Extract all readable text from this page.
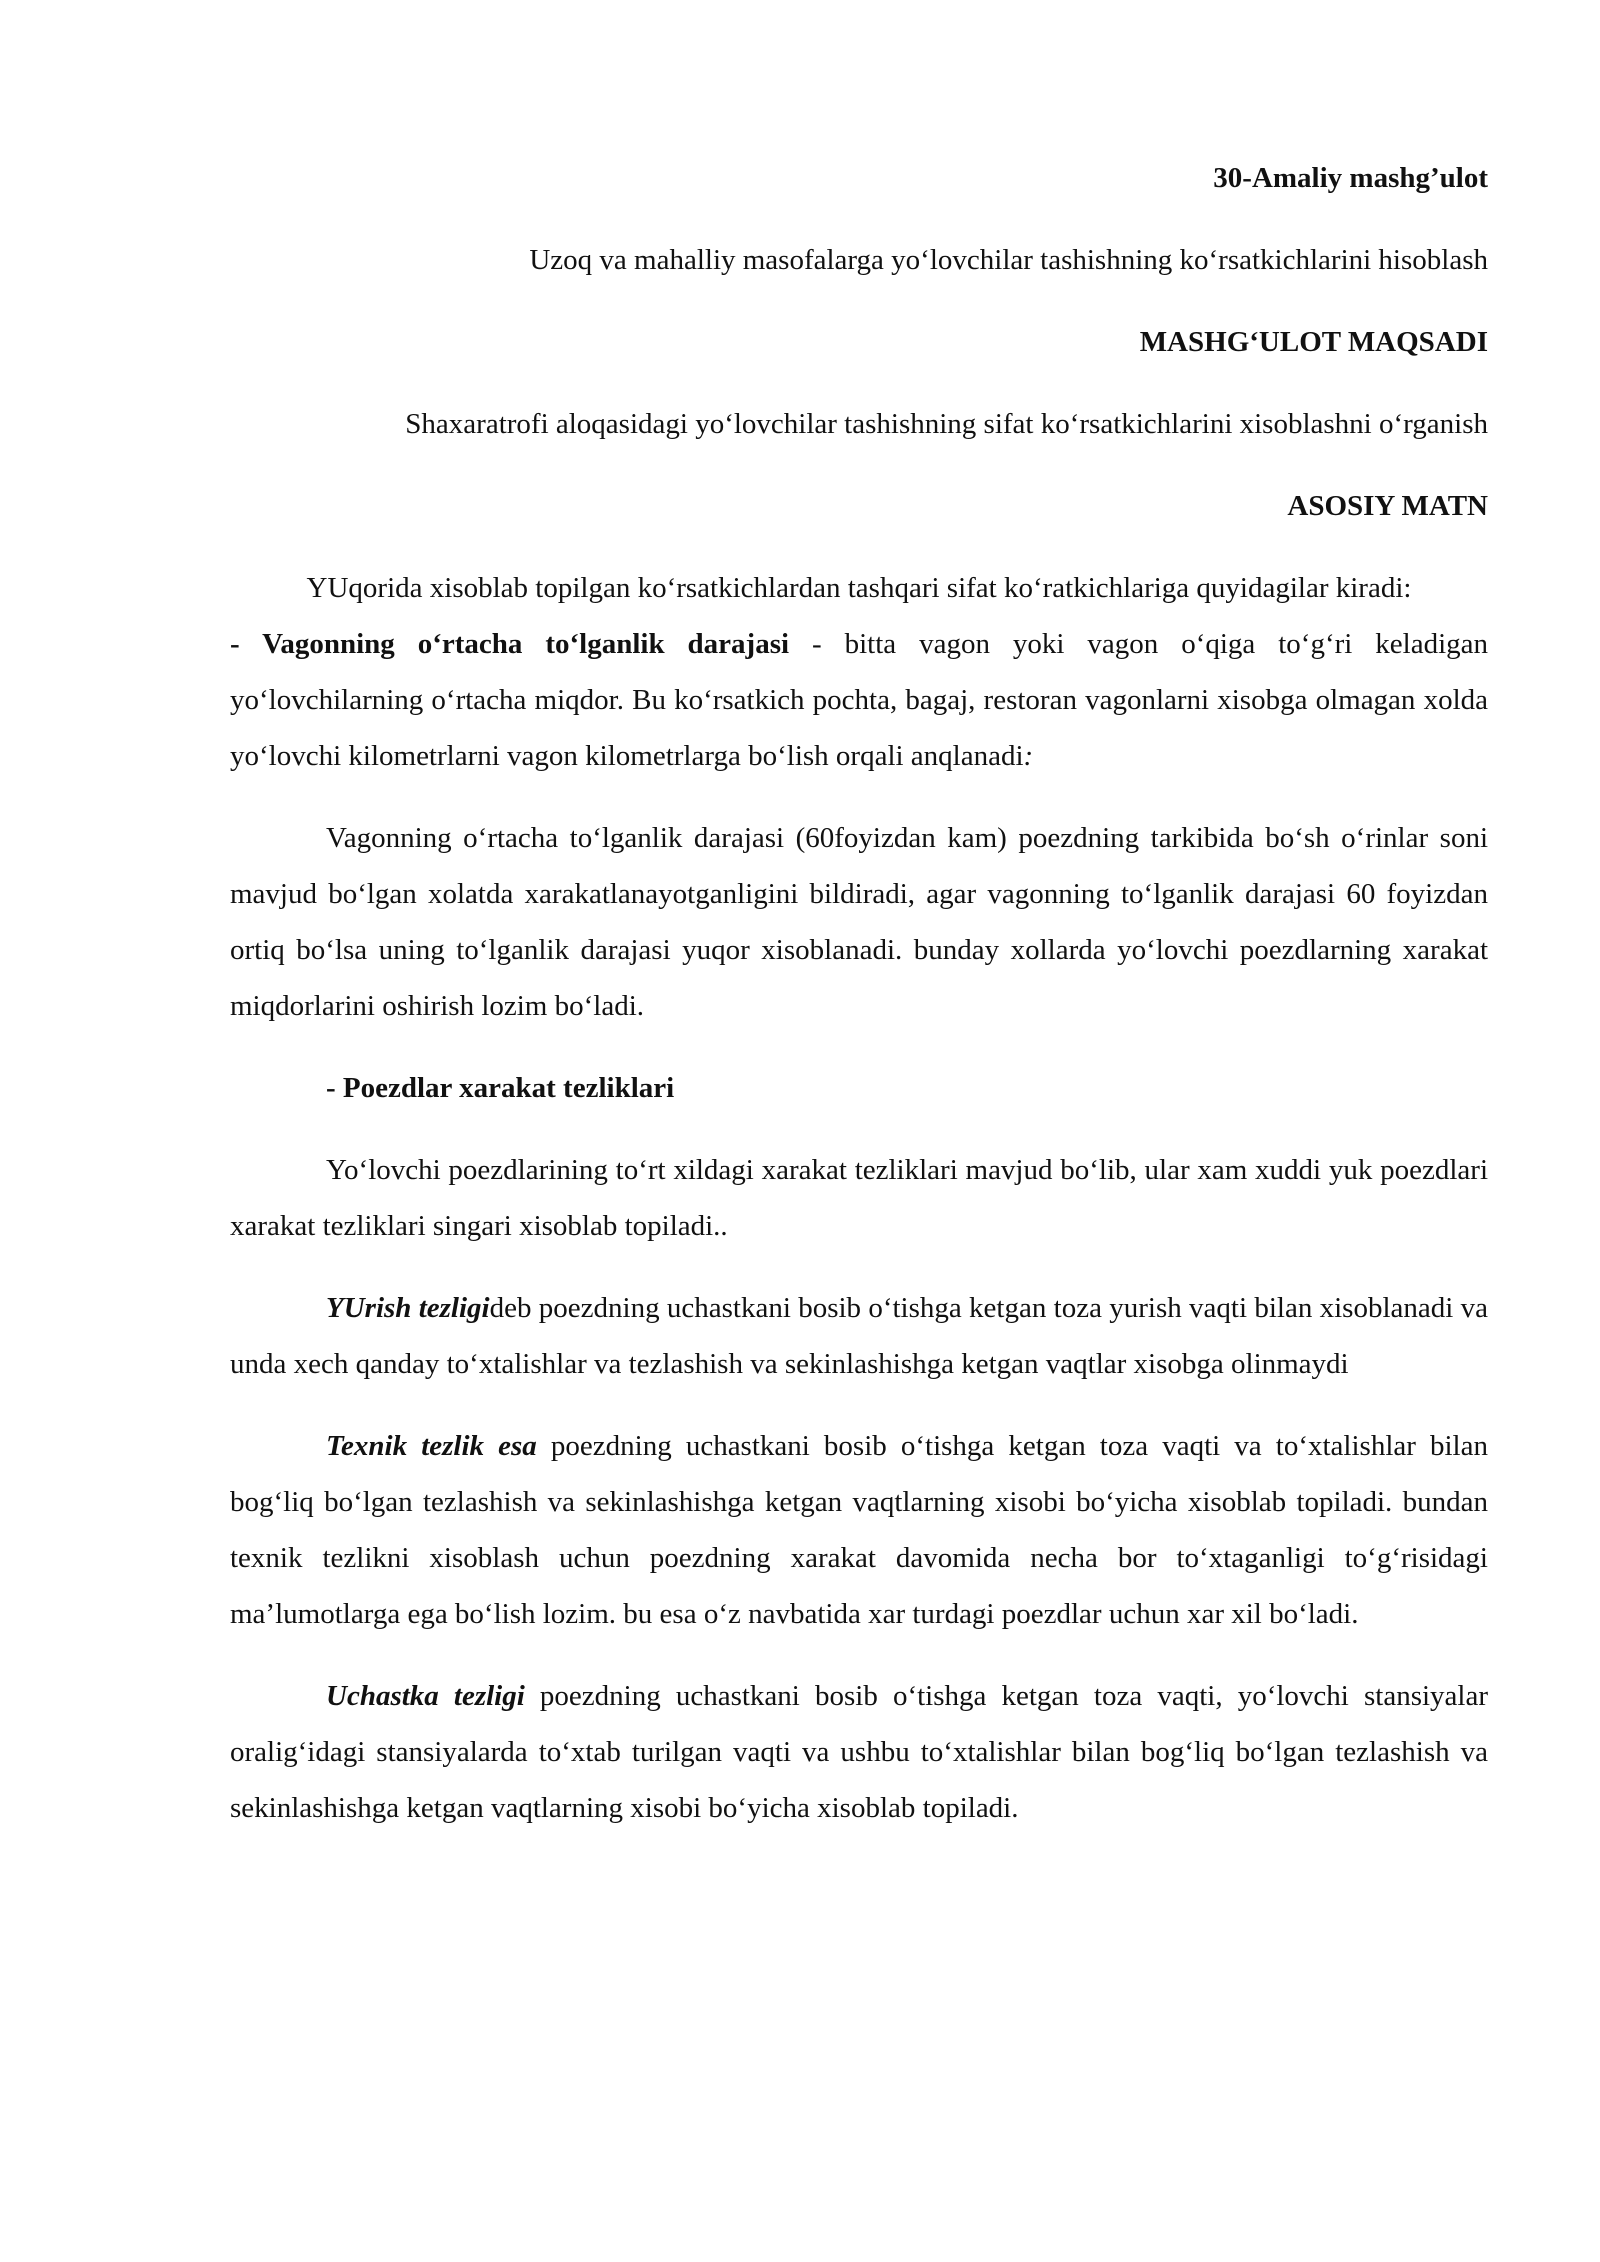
30-Amaliy mashg’ulot

Uzoq va mahalliy masofalarga yo‘lovchilar tashishning ko‘rsatkichlarini hisoblash

MASHG‘ULOT MAQSADI

Shaxaratrofi aloqasidagi yo‘lovchilar tashishning sifat ko‘rsatkichlarini xisoblashni o‘rganish

ASOSIY MATN

YUqorida xisoblab topilgan ko‘rsatkichlardan tashqari sifat ko‘ratkichlariga quyidagilar kiradi:

- Vagonning o‘rtacha to‘lganlik darajasi - bitta vagon yoki vagon o‘qiga to‘g‘ri keladigan yo‘lovchilarning o‘rtacha miqdor. Bu ko‘rsatkich pochta, bagaj, restoran vagonlarni xisobga olmagan xolda yo‘lovchi kilometrlarni vagon kilometrlarga bo‘lish orqali anqlanadi:

Vagonning o‘rtacha to‘lganlik darajasi (60foyizdan kam) poezdning tarkibida bo‘sh o‘rinlar soni mavjud bo‘lgan xolatda xarakatlanayotganligini bildiradi, agar vagonning to‘lganlik darajasi 60 foyizdan ortiq bo‘lsa uning to‘lganlik darajasi yuqor xisoblanadi. bunday xollarda yo‘lovchi poezdlarning xarakat miqdorlarini oshirish lozim bo‘ladi.

- Poezdlar xarakat tezliklari

Yo‘lovchi poezdlarining to‘rt xildagi xarakat tezliklari mavjud bo‘lib, ular xam xuddi yuk poezdlari xarakat tezliklari singari xisoblab topiladi..

YUrish tezligideb poezdning uchastkani bosib o‘tishga ketgan toza yurish vaqti bilan xisoblanadi va unda xech qanday to‘xtalishlar va tezlashish va sekinlashishga ketgan vaqtlar xisobga olinmaydi

Texnik tezlik esa poezdning uchastkani bosib o‘tishga ketgan toza vaqti va to‘xtalishlar bilan bog‘liq bo‘lgan tezlashish va sekinlashishga ketgan vaqtlarning xisobi bo‘yicha xisoblab topiladi. bundan texnik tezlikni xisoblash uchun poezdning xarakat davomida necha bor to‘xtaganligi to‘g‘risidagi ma’lumotlarga ega bo‘lish lozim. bu esa o‘z navbatida xar turdagi poezdlar uchun xar xil bo‘ladi.

Uchastka tezligi poezdning uchastkani bosib o‘tishga ketgan toza vaqti, yo‘lovchi stansiyalar oralig‘idagi stansiyalarda to‘xtab turilgan vaqti va ushbu to‘xtalishlar bilan bog‘liq bo‘lgan tezlashish va sekinlashishga ketgan vaqtlarning xisobi bo‘yicha xisoblab topiladi.
